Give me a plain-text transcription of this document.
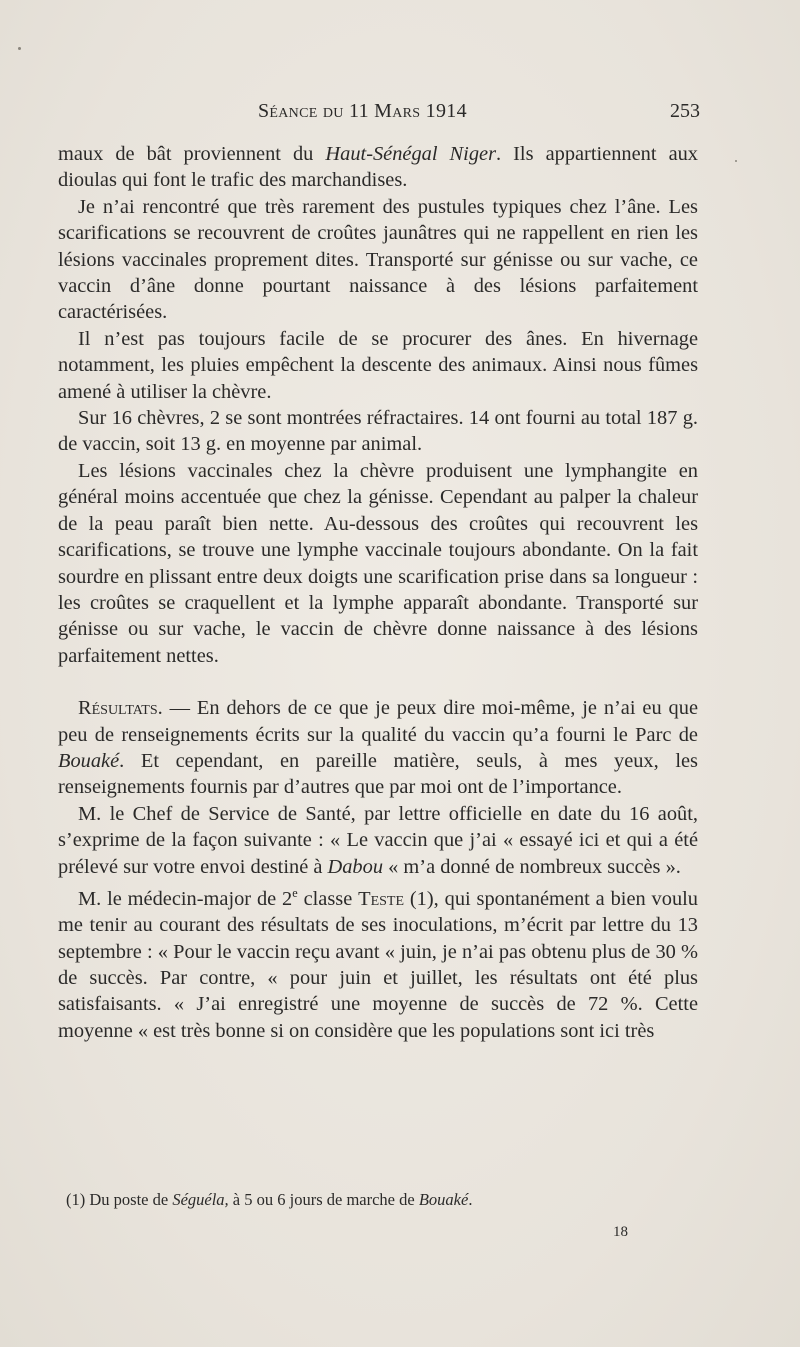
Séance du 11 Mars 1914	253

maux de bât proviennent du Haut-Sénégal Niger. Ils appartiennent aux dioulas qui font le trafic des marchandises.

Je n’ai rencontré que très rarement des pustules typiques chez l’âne. Les scarifications se recouvrent de croûtes jaunâtres qui ne rappellent en rien les lésions vaccinales proprement dites. Transporté sur génisse ou sur vache, ce vaccin d’âne donne pourtant naissance à des lésions parfaitement caractérisées.

Il n’est pas toujours facile de se procurer des ânes. En hivernage notamment, les pluies empêchent la descente des animaux. Ainsi nous fûmes amené à utiliser la chèvre.

Sur 16 chèvres, 2 se sont montrées réfractaires. 14 ont fourni au total 187 g. de vaccin, soit 13 g. en moyenne par animal.

Les lésions vaccinales chez la chèvre produisent une lymphangite en général moins accentuée que chez la génisse. Cependant au palper la chaleur de la peau paraît bien nette. Au-dessous des croûtes qui recouvrent les scarifications, se trouve une lymphe vaccinale toujours abondante. On la fait sourdre en plissant entre deux doigts une scarification prise dans sa longueur : les croûtes se craquellent et la lymphe apparaît abondante. Transporté sur génisse ou sur vache, le vaccin de chèvre donne naissance à des lésions parfaitement nettes.

Résultats. — En dehors de ce que je peux dire moi-même, je n’ai eu que peu de renseignements écrits sur la qualité du vaccin qu’a fourni le Parc de Bouaké. Et cependant, en pareille matière, seuls, à mes yeux, les renseignements fournis par d’autres que par moi ont de l’importance.

M. le Chef de Service de Santé, par lettre officielle en date du 16 août, s’exprime de la façon suivante : « Le vaccin que j’ai « essayé ici et qui a été prélevé sur votre envoi destiné à Dabou « m’a donné de nombreux succès ».

M. le médecin-major de 2e classe Teste (1), qui spontanément a bien voulu me tenir au courant des résultats de ses inoculations, m’écrit par lettre du 13 septembre : « Pour le vaccin reçu avant « juin, je n’ai pas obtenu plus de 30 % de succès. Par contre, « pour juin et juillet, les résultats ont été plus satisfaisants. « J’ai enregistré une moyenne de succès de 72 %. Cette moyenne « est très bonne si on considère que les populations sont ici très

(1) Du poste de Séguéla, à 5 ou 6 jours de marche de Bouaké.
18
